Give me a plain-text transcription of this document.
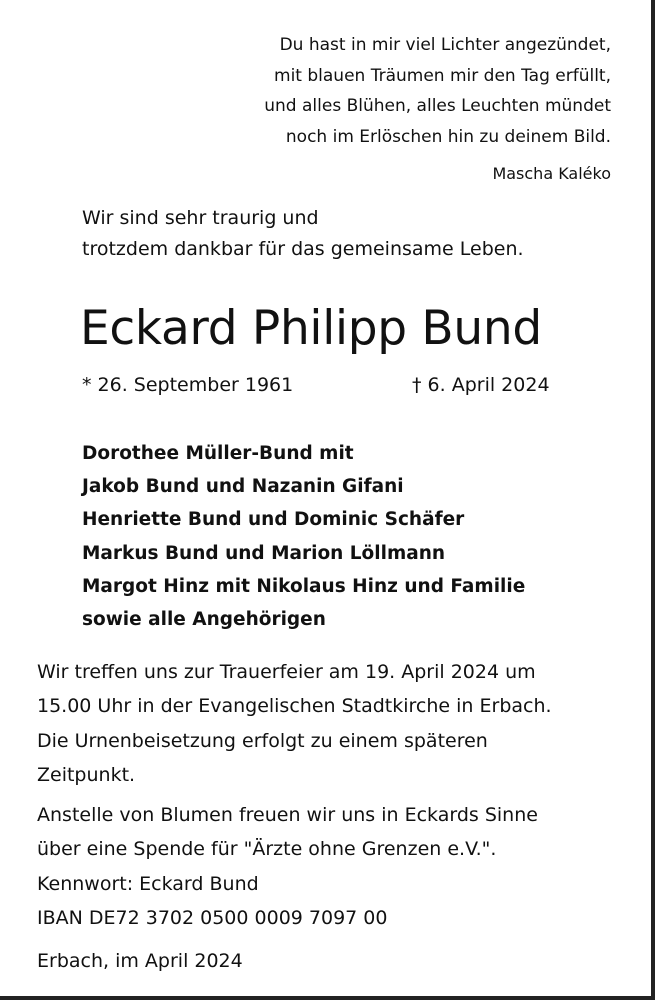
Du hast in mir viel Lichter angezündet,
mit blauen Träumen mir den Tag erfüllt,
und alles Blühen, alles Leuchten mündet
noch im Erlöschen hin zu deinem Bild.
Mascha Kaléko
Wir sind sehr traurig und
trotzdem dankbar für das gemeinsame Leben.
Eckard Philipp Bund
* 26. September 1961	† 6. April 2024
Dorothee Müller-Bund mit
Jakob Bund und Nazanin Gifani
Henriette Bund und Dominic Schäfer
Markus Bund und Marion Löllmann
Margot Hinz mit Nikolaus Hinz und Familie
sowie alle Angehörigen
Wir treffen uns zur Trauerfeier am 19. April 2024 um
15.00 Uhr in der Evangelischen Stadtkirche in Erbach.
Die Urnenbeisetzung erfolgt zu einem späteren
Zeitpunkt.
Anstelle von Blumen freuen wir uns in Eckards Sinne
über eine Spende für "Ärzte ohne Grenzen e.V.".
Kennwort: Eckard Bund
IBAN DE72 3702 0500 0009 7097 00
Erbach, im April 2024
